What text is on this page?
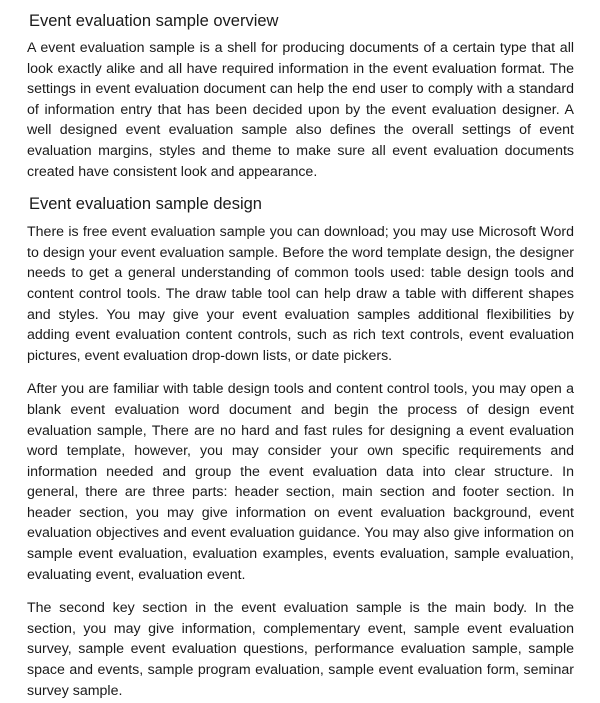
Event evaluation sample overview

A event evaluation sample is a shell for producing documents of a certain type that all look exactly alike and all have required information in the event evaluation format. The settings in event evaluation document can help the end user to comply with a standard of information entry that has been decided upon by the event evaluation designer. A well designed event evaluation sample also defines the overall settings of event evaluation margins, styles and theme to make sure all event evaluation documents created have consistent look and appearance.

Event evaluation sample design

There is free event evaluation sample you can download; you may use Microsoft Word to design your event evaluation sample. Before the word template design, the designer needs to get a general understanding of common tools used: table design tools and content control tools. The draw table tool can help draw a table with different shapes and styles. You may give your event evaluation samples additional flexibilities by adding event evaluation content controls, such as rich text controls, event evaluation pictures, event evaluation drop-down lists, or date pickers.

After you are familiar with table design tools and content control tools, you may open a blank event evaluation word document and begin the process of design event evaluation sample, There are no hard and fast rules for designing a event evaluation word template, however, you may consider your own specific requirements and information needed and group the event evaluation data into clear structure. In general, there are three parts: header section, main section and footer section. In header section, you may give information on event evaluation background, event evaluation objectives and event evaluation guidance. You may also give information on sample event evaluation, evaluation examples, events evaluation, sample evaluation, evaluating event, evaluation event.

The second key section in the event evaluation sample is the main body. In the section, you may give information, complementary event, sample event evaluation survey, sample event evaluation questions, performance evaluation sample, sample space and events, sample program evaluation, sample event evaluation form, seminar survey sample.
